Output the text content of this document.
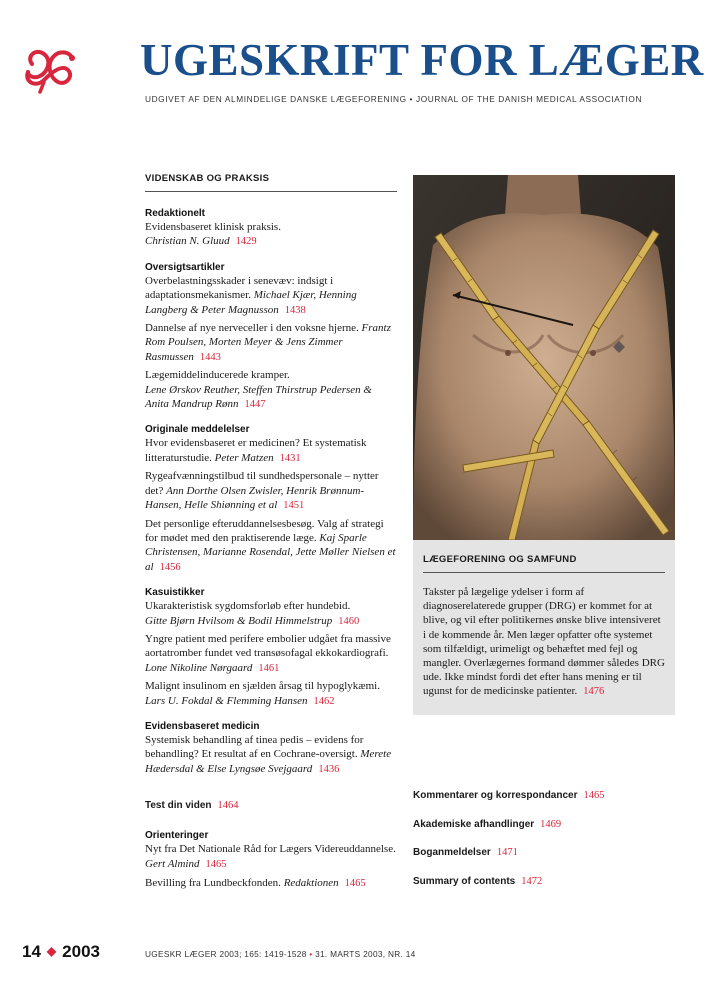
UGESKRIFT FOR LÆGER
UDGIVET AF DEN ALMINDELIGE DANSKE LÆGEFORENING • JOURNAL OF THE DANISH MEDICAL ASSOCIATION
VIDENSKAB OG PRAKSIS
Redaktionelt
Evidensbaseret klinisk praksis.
Christian N. Gluud 1429
Oversigtsartikler
Overbelastningsskader i senevæv: indsigt i adaptationsmekanismer. Michael Kjær, Henning Langberg & Peter Magnusson 1438
Dannelse af nye nerveceller i den voksne hjerne. Frantz Rom Poulsen, Morten Meyer & Jens Zimmer Rasmussen 1443
Lægemiddelinducerede kramper.
Lene Ørskov Reuther, Steffen Thirstrup Pedersen & Anita Mandrup Rønn 1447
Originale meddelelser
Hvor evidensbaseret er medicinen? Et systematisk litteraturstudie. Peter Matzen 1431
Rygeafvænningstilbud til sundhedspersonale – nytter det? Ann Dorthe Olsen Zwisler, Henrik Brønnum-Hansen, Helle Shiønning et al 1451
Det personlige efteruddannelsesbesøg. Valg af strategi for mødet med den praktiserende læge. Kaj Sparle Christensen, Marianne Rosendal, Jette Møller Nielsen et al 1456
Kasuistikker
Ukarakteristisk sygdomsforløb efter hundebid.
Gitte Bjørn Hvilsom & Bodil Himmelstrup 1460
Yngre patient med perifere embolier udgået fra massive aortatromber fundet ved transøsofagal ekkokardiografi. Lone Nikoline Nørgaard 1461
Malignt insulinom en sjælden årsag til hypoglykæmi.
Lars U. Fokdal & Flemming Hansen 1462
Evidensbaseret medicin
Systemisk behandling af tinea pedis – evidens for behandling? Et resultat af en Cochrane-oversigt. Merete Hædersdal & Else Lyngsøe Svejgaard 1436
Test din viden 1464
Orienteringer
Nyt fra Det Nationale Råd for Lægers Videreuddannelse. Gert Almind 1465
Bevilling fra Lundbeckfonden. Redaktionen 1465
LÆGEFORENING OG SAMFUND
Takster på lægelige ydelser i form af diagnoserelaterede grupper (DRG) er kommet for at blive, og vil efter politikernes ønske blive intensiveret i de kommende år. Men læger opfatter ofte systemet som tilfældigt, urimeligt og behæftet med fejl og mangler. Overlægernes formand dømmer således DRG ude. Ikke mindst fordi det efter hans mening er til ugunst for de medicinske patienter. 1476
Kommentarer og korrespondancer 1465
Akademiske afhandlinger 1469
Boganmeldelser 1471
Summary of contents 1472
14 ◆ 2003	UGESKR LÆGER 2003; 165: 1419-1528 • 31. MARTS 2003, NR. 14
